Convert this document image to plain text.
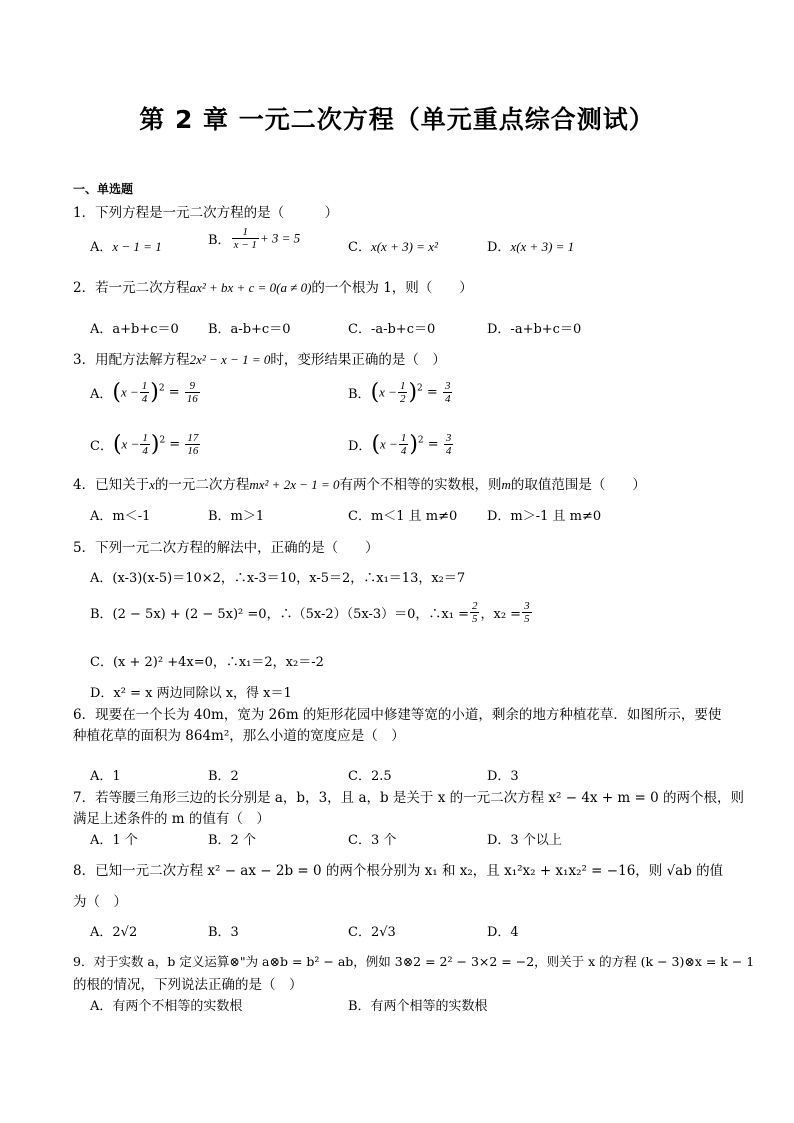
第 2 章 一元二次方程（单元重点综合测试）
一、单选题
1．下列方程是一元二次方程的是（　　　）
A．x − 1 = 1	B． $\frac{1}{x - 1} + 3 = 5$
C．x(x + 3) = x²	D．x(x + 3) = 1
2．若一元二次方程ax² + bx + c = 0(a ≠ 0)的一个根为 1，则（　　）
A．a+b+c＝0 B．a-b+c＝0	C．-a-b+c＝0	D．-a+b+c＝0
3．用配方法解方程2x² − x − 1 = 0时，变形结果正确的是（　）
A．$(x - \frac{1}{4} )^2 = \frac{9}{16}$	B．$(x - \frac{1}{2} )^2 = \frac{3}{4}$
C．$(x - \frac{1}{4} )^2 = \frac{17}{16}$	D．$(x - \frac{1}{4} )^2 = \frac{3}{4}$
4．已知关于x的一元二次方程mx² + 2x − 1 = 0有两个不相等的实数根，则m的取值范围是（　　）
A．m＜-1	B．m＞1	C．m＜1 且 m≠0 D．m＞-1 且 m≠0
5．下列一元二次方程的解法中，正确的是（　　）
A．(x-3)(x-5)＝10×2，∴x-3＝10，x-5＝2，∴x₁＝13，x₂＝7
B．(2 − 5x) + (2 − 5x)² =0，∴（5x-2）（5x-3）＝0，∴x₁ = $\frac{2}{5}$ ，$x_2 = \frac{3}{5}$
C．(x + 2)² +4x=0，∴x₁＝2，x₂＝-2
D．x² = x 两边同除以 x，得 x＝1
6．现要在一个长为 40m，宽为 26m 的矩形花园中修建等宽的小道，剩余的地方种植花草．如图所示，要使
种植花草的面积为 864m²，那么小道的宽度应是（　）
A．1	B．2	C．2.5	D．3
7．若等腰三角形三边的长分别是 a，b，3，且 a，b 是关于 x 的一元二次方程 x² − 4x + m = 0 的两个根，则
满足上述条件的 m 的值有（　）
A．1 个	B．2 个	C．3 个	D．3 个以上
8．已知一元二次方程 x² − ax − 2b = 0 的两个根分别为 x₁ 和 x₂，且 x₁²x₂ + x₁x₂² = −16，则 √ab 的值
为（　）
A．2√2	B．3	C．2√3	D．4
9．对于实数 a，b 定义运算⊗"为 a⊗b = b² − ab，例如 3⊗2 = 2² − 3×2 = −2，则关于 x 的方程 (k − 3)⊗x = k − 1
的根的情况，下列说法正确的是（　）
A．有两个不相等的实数根	B．有两个相等的实数根
